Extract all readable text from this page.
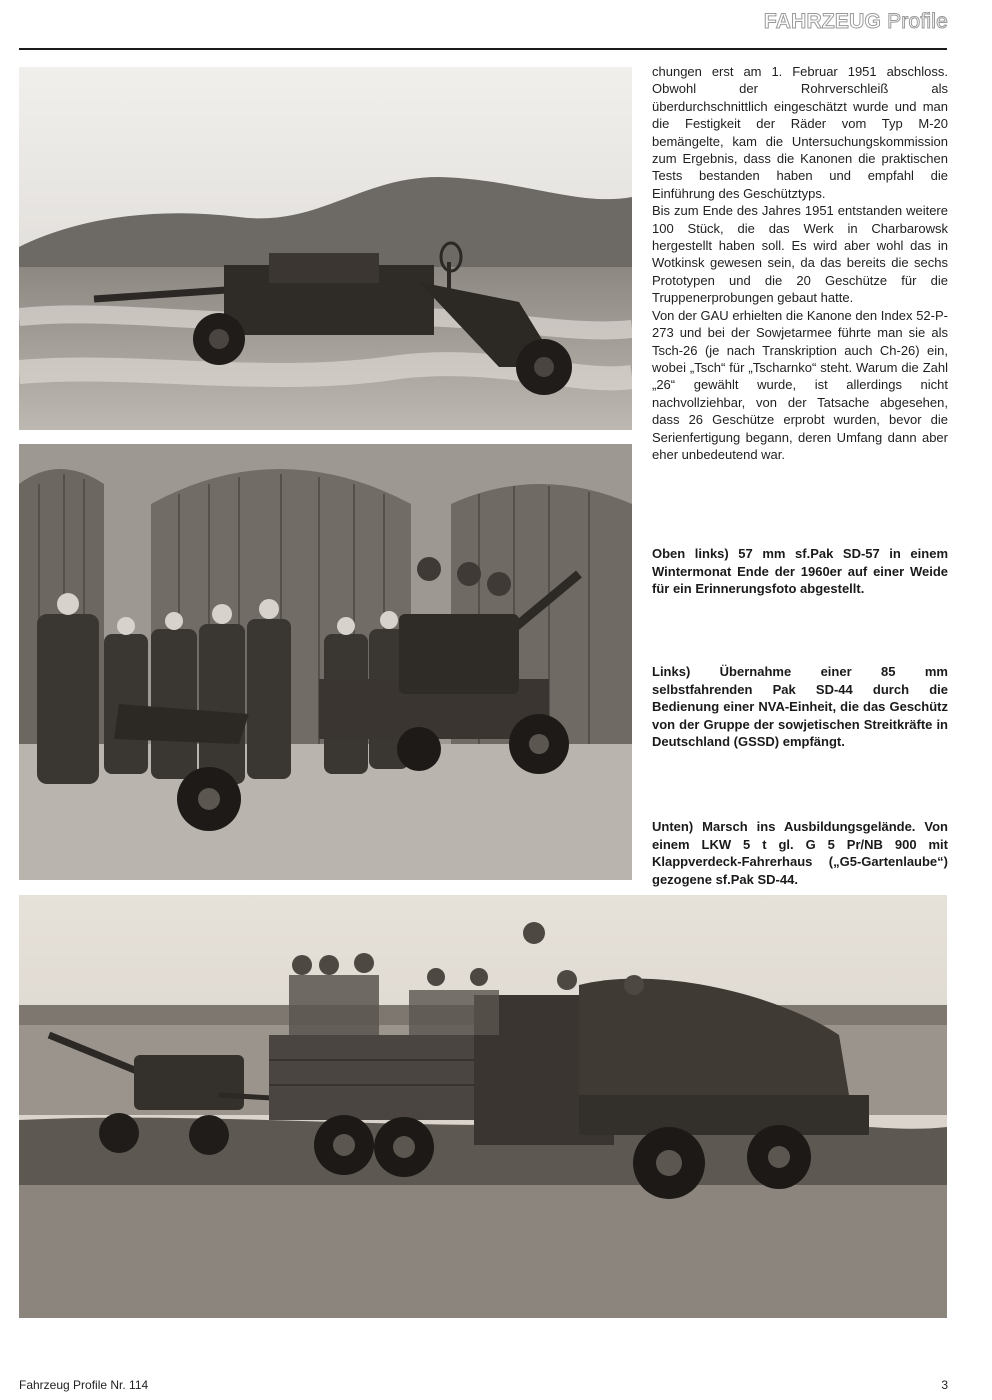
FAHRZEUG Profile

chungen erst am 1. Februar 1951 abschloss. Obwohl der Rohrverschleiß als überdurchschnittlich eingeschätzt wurde und man die Festigkeit der Räder vom Typ M-20 bemängelte, kam die Untersuchungskommission zum Ergebnis, dass die Kanonen die praktischen Tests bestanden haben und empfahl die Einführung des Geschütztyps.

Bis zum Ende des Jahres 1951 entstanden weitere 100 Stück, die das Werk in Charbarowsk hergestellt haben soll. Es wird aber wohl das in Wotkinsk gewesen sein, da das bereits die sechs Prototypen und die 20 Geschütze für die Truppenerprobungen gebaut hatte.

Von der GAU erhielten die Kanone den Index 52-P-273 und bei der Sowjetarmee führte man sie als Tsch-26 (je nach Transkription auch Ch-26) ein, wobei „Tsch“ für „Tscharnko“ steht. Warum die Zahl „26“ gewählt wurde, ist allerdings nicht nachvollziehbar, von der Tatsache abgesehen, dass 26 Geschütze erprobt wurden, bevor die Serienfertigung begann, deren Umfang dann aber eher unbedeutend war.

Oben links) 57 mm sf.Pak SD-57 in einem Wintermonat Ende der 1960er auf einer Weide für ein Erinnerungsfoto abgestellt.
Links) Übernahme einer 85 mm selbstfahrenden Pak SD-44 durch die Bedienung einer NVA-Einheit, die das Geschütz von der Gruppe der sowjetischen Streitkräfte in Deutschland (GSSD) empfängt.
Unten) Marsch ins Ausbildungsgelände. Von einem LKW 5 t gl. G 5 Pr/NB 900 mit Klappverdeck-Fahrerhaus („G5-Gartenlaube“) gezogene sf.Pak SD-44.
Fahrzeug Profile Nr. 114	3
